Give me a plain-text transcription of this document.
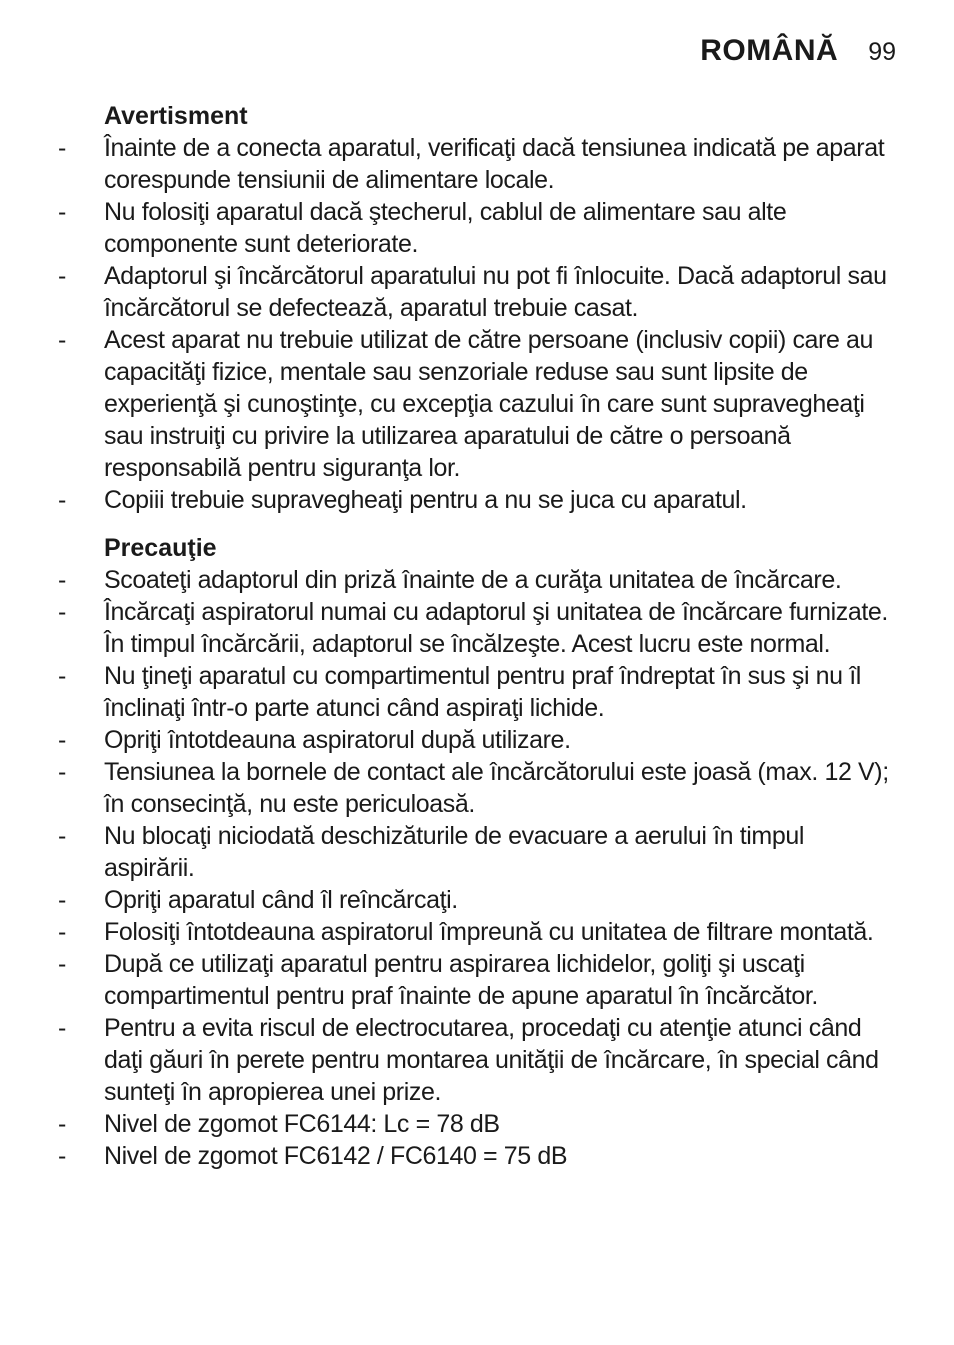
ROMÂNĂ 99
Avertisment
- Înainte de a conecta aparatul, verificaţi dacă tensiunea indicată pe aparat corespunde tensiunii de alimentare locale.
- Nu folosiţi aparatul dacă ştecherul, cablul de alimentare sau alte componente sunt deteriorate.
- Adaptorul şi încărcătorul aparatului nu pot fi înlocuite. Dacă adaptorul sau încărcătorul se defectează, aparatul trebuie casat.
- Acest aparat nu trebuie utilizat de către persoane (inclusiv copii) care au capacităţi fizice, mentale sau senzoriale reduse sau sunt lipsite de experienţă şi cunoştinţe, cu excepţia cazului în care sunt supravegheaţi sau instruiţi cu privire la utilizarea aparatului de către o persoană responsabilă pentru siguranţa lor.
- Copiii trebuie supravegheaţi pentru a nu se juca cu aparatul.
Precauţie
- Scoateţi adaptorul din priză înainte de a curăţa unitatea de încărcare.
- Încărcaţi aspiratorul numai cu adaptorul şi unitatea de încărcare furnizate. În timpul încărcării, adaptorul se încălzeşte. Acest lucru este normal.
- Nu ţineţi aparatul cu compartimentul pentru praf îndreptat în sus şi nu îl înclinaţi într-o parte atunci când aspiraţi lichide.
- Opriţi întotdeauna aspiratorul după utilizare.
- Tensiunea la bornele de contact ale încărcătorului este joasă (max. 12 V); în consecinţă, nu este periculoasă.
- Nu blocaţi niciodată deschizăturile de evacuare a aerului în timpul aspirării.
- Opriţi aparatul când îl reîncărcaţi.
- Folosiţi întotdeauna aspiratorul împreună cu unitatea de filtrare montată.
- După ce utilizaţi aparatul pentru aspirarea lichidelor, goliţi şi uscaţi compartimentul pentru praf înainte de apune aparatul în încărcător.
- Pentru a evita riscul de electrocutarea, procedaţi cu atenţie atunci când daţi găuri în perete pentru montarea unităţii de încărcare, în special când sunteţi în apropierea unei prize.
- Nivel de zgomot FC6144: Lc = 78 dB
- Nivel de zgomot FC6142 / FC6140 = 75 dB
